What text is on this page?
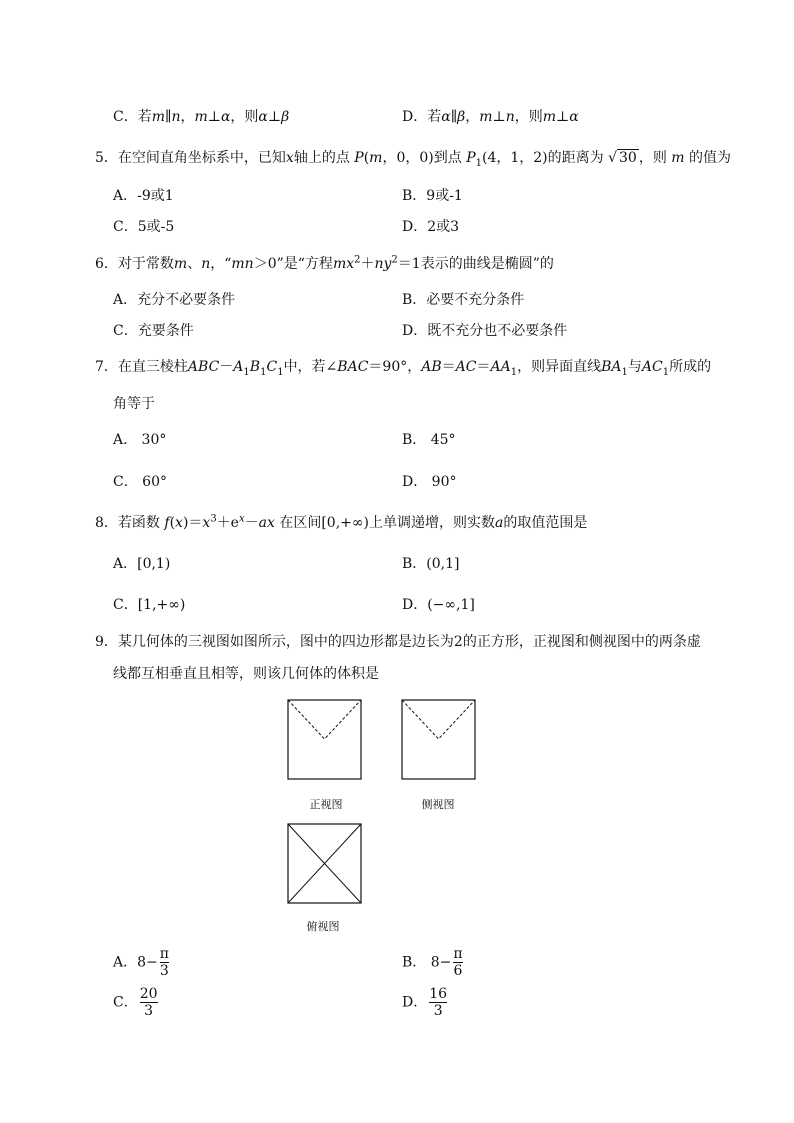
C．若m∥n，m⊥α，则α⊥β	D．若α∥β，m⊥n，则m⊥α
5．在空间直角坐标系中，已知x轴上的点 P(m，0，0)到点 $P_1(4$，1，2)的距离为 √ 30 ，则 m 的值为
A．-9或1	B．9或-1
C．5或-5	D．2或3
6．对于常数m、n，“mn＞0”是“方程$mx^2+ny^2=1$表示的曲线是椭圆”的
A．充分不必要条件	B．必要不充分条件
C．充要条件	D．既不充分也不必要条件
7．在直三棱柱$ABC-A_1B_1C_1$中，若∠BAC＝90°，$AB=AC=AA_1$，则异面直线$BA_1$与$AC_1$所成的
角等于
A． 30°	B． 45°
C． 60°	D． 90°
8．若函数 $f(x)=x^3+e^x-ax$ 在区间[0,+∞)上单调递增，则实数a的取值范围是
A．[0,1)	B．(0,1]
C．[1,+∞)	D．(−∞,1]
9．某几何体的三视图如图所示，图中的四边形都是边长为2的正方形，正视图和侧视图中的两条虚
线都互相垂直且相等，则该几何体的体积是
正视图	侧视图
俯视图
A．$8- \frac{\pi}{3}$	B． $8- \frac{\pi}{6}$
C． $\frac{20}{3}$	D． $\frac{16}{3}$
